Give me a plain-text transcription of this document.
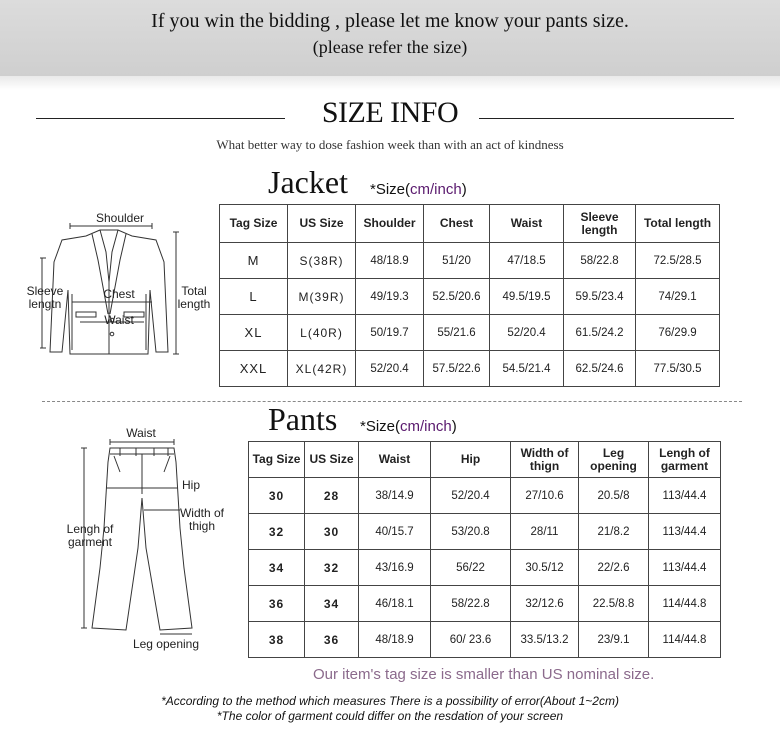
If you win the bidding , please let me know your pants size.
(please refer the size)
SIZE INFO
What better way to dose fashion week than with an act of kindness
Jacket *Size(cm/inch)
Shoulder
Sleeve lengtn
Chest
Waist
Total length
Tag Size	US Size	Shoulder	Chest	Waist	Sleeve length	Total length
M	S(38R)	48/18.9	51/20	47/18.5	58/22.8	72.5/28.5
L	M(39R)	49/19.3	52.5/20.6	49.5/19.5	59.5/23.4	74/29.1
XL	L(40R)	50/19.7	55/21.6	52/20.4	61.5/24.2	76/29.9
XXL	XL(42R)	52/20.4	57.5/22.6	54.5/21.4	62.5/24.6	77.5/30.5
Pants *Size(cm/inch)
Waist
Hip
Width of thigh
Lengh of garment
Leg opening
Tag Size	US Size	Waist	Hip	Width of thign	Leg opening	Lengh of garment
30	28	38/14.9	52/20.4	27/10.6	20.5/8	113/44.4
32	30	40/15.7	53/20.8	28/11	21/8.2	113/44.4
34	32	43/16.9	56/22	30.5/12	22/2.6	113/44.4
36	34	46/18.1	58/22.8	32/12.6	22.5/8.8	114/44.8
38	36	48/18.9	60/ 23.6	33.5/13.2	23/9.1	114/44.8
Our item's tag size is smaller than US nominal size.
*According to the method which measures There is a possibility of error(About 1~2cm)
*The color of garment could differ on the resdation of your screen
